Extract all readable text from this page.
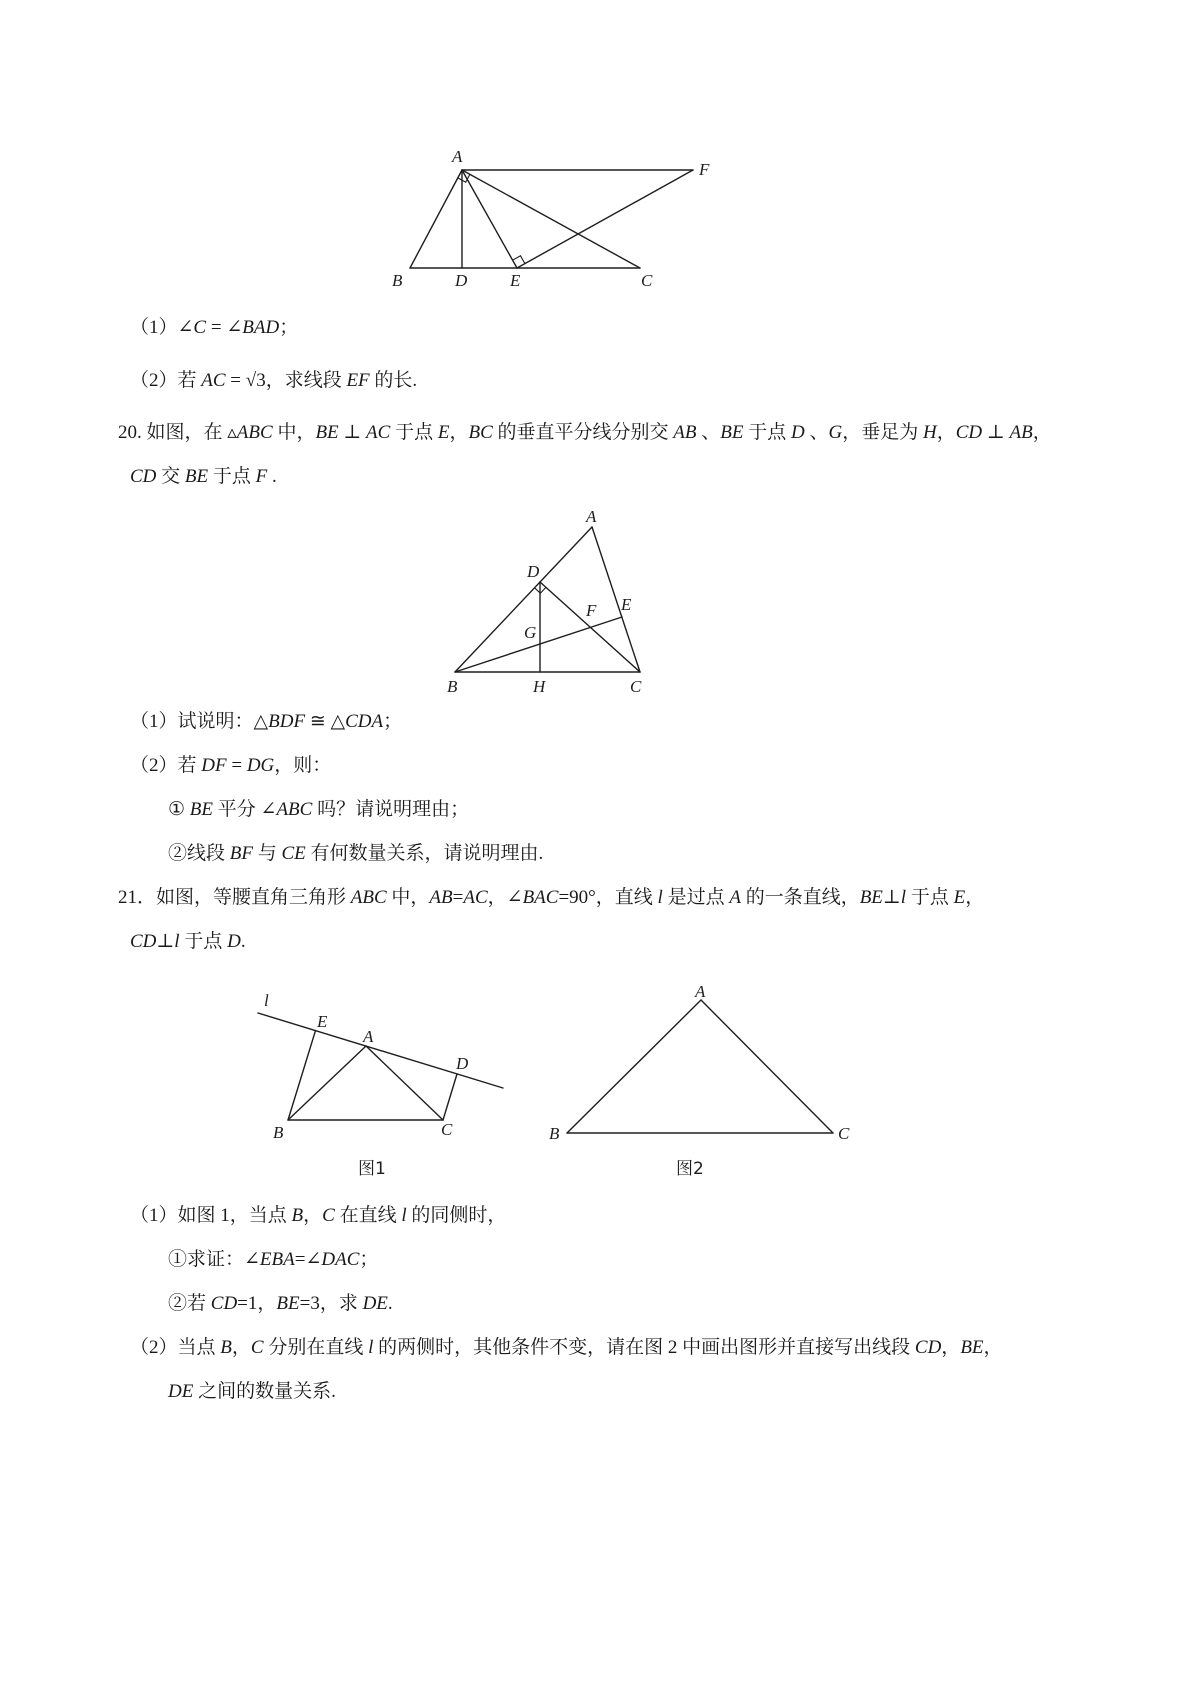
A
F
B	D	E	C
（1）∠C = ∠BAD；
（2）若 AC = √3，求线段 EF 的长.
20. 如图，在 ▵ABC 中，BE ⊥ AC 于点 E，BC 的垂直平分线分别交 AB 、BE 于点 D 、G，垂足为 H，CD ⊥ AB，
CD 交 BE 于点 F .
A
D
E
F
G
B	H	C
（1）试说明：△BDF ≅ △CDA；
（2）若 DF = DG，则：
① BE 平分 ∠ABC 吗？请说明理由；
②线段 BF 与 CE 有何数量关系，请说明理由.
21．如图，等腰直角三角形 ABC 中，AB=AC，∠BAC=90°，直线 l 是过点 A 的一条直线，BE⊥l 于点 E，
CD⊥l 于点 D.
l
E
A
D
B	C
图1
A
B	C
图2
（1）如图 1，当点 B，C 在直线 l 的同侧时，
①求证：∠EBA=∠DAC；
②若 CD=1，BE=3，求 DE.
（2）当点 B，C 分别在直线 l 的两侧时，其他条件不变，请在图 2 中画出图形并直接写出线段 CD，BE，
DE 之间的数量关系.
